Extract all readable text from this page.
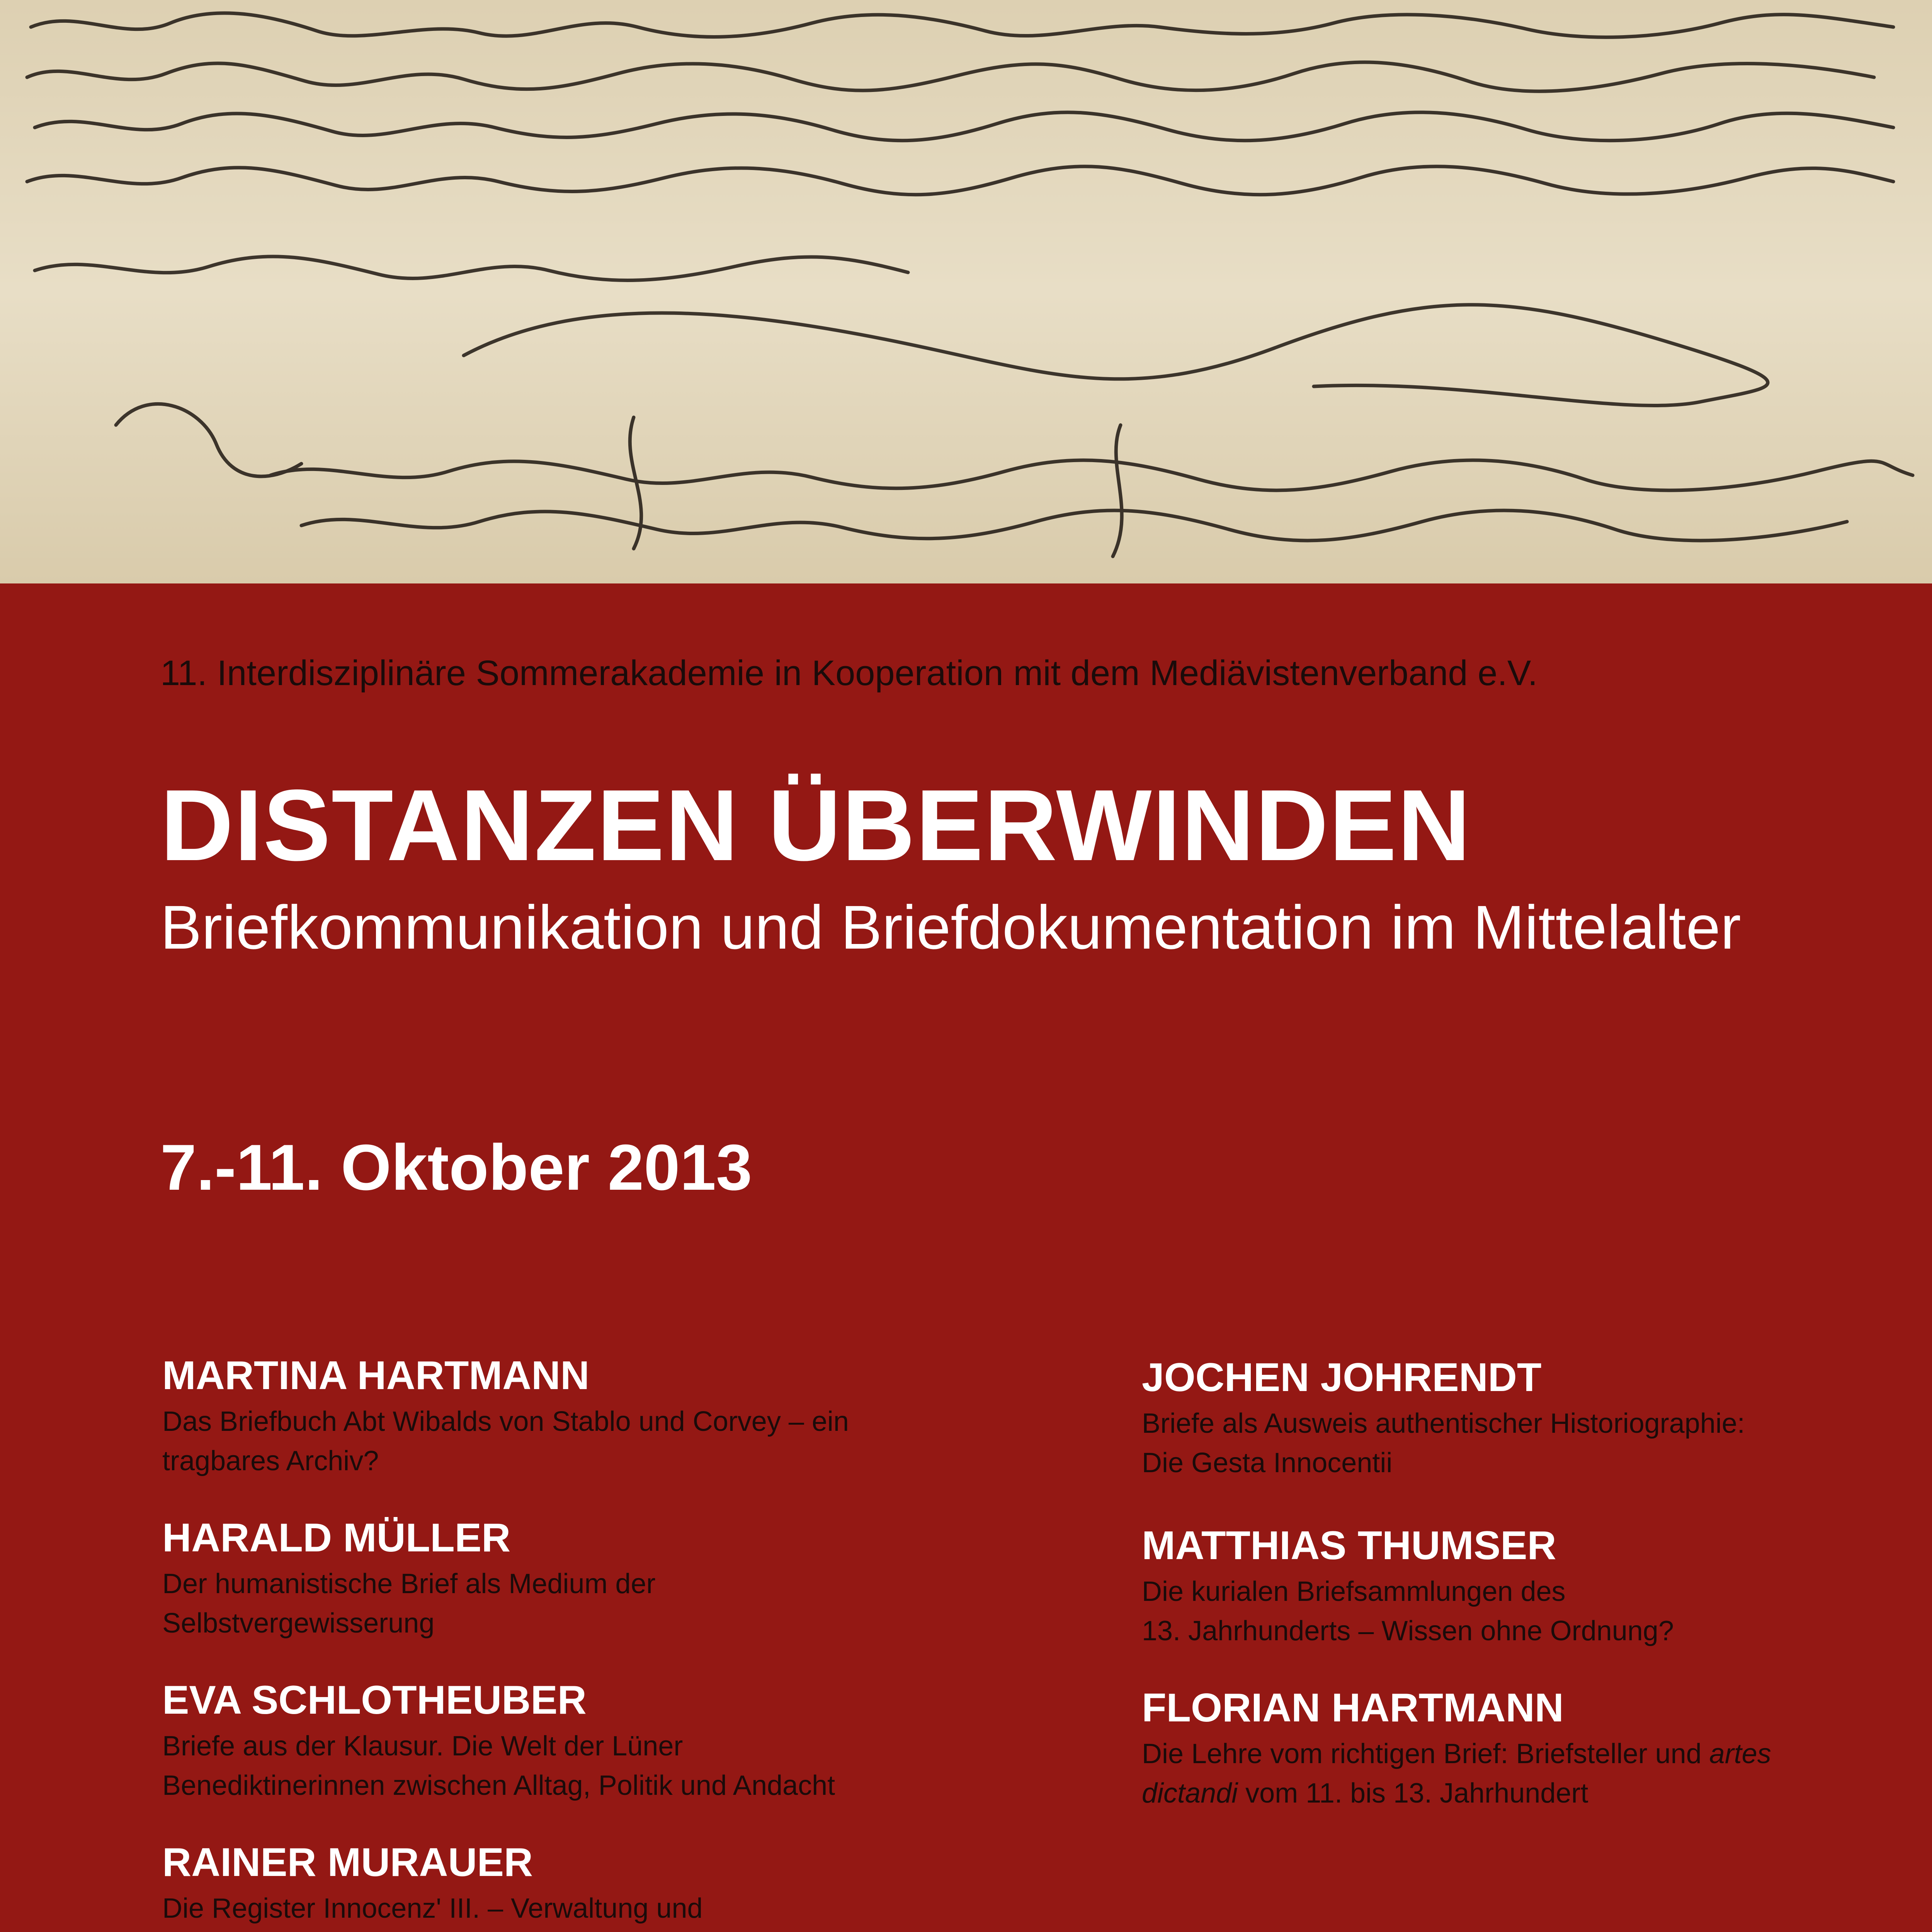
11. Interdisziplinäre Sommerakademie in Kooperation mit dem Mediävistenverband e.V.
DISTANZEN ÜBERWINDEN
Briefkommunikation und Briefdokumentation im Mittelalter
7.-11. Oktober 2013
MARTINA HARTMANN
Das Briefbuch Abt Wibalds von Stablo und Corvey – ein
tragbares Archiv?
HARALD MÜLLER
Der humanistische Brief als Medium der
Selbstvergewisserung
EVA SCHLOTHEUBER
Briefe aus der Klausur. Die Welt der Lüner
Benediktinerinnen zwischen Alltag, Politik und Andacht
RAINER MURAUER
Die Register Innocenz' III. – Verwaltung und
JOCHEN JOHRENDT
Briefe als Ausweis authentischer Historiographie:
Die Gesta Innocentii
MATTHIAS THUMSER
Die kurialen Briefsammlungen des
13. Jahrhunderts – Wissen ohne Ordnung?
FLORIAN HARTMANN
Die Lehre vom richtigen Brief: Briefsteller und artes
dictandi vom 11. bis 13. Jahrhundert
